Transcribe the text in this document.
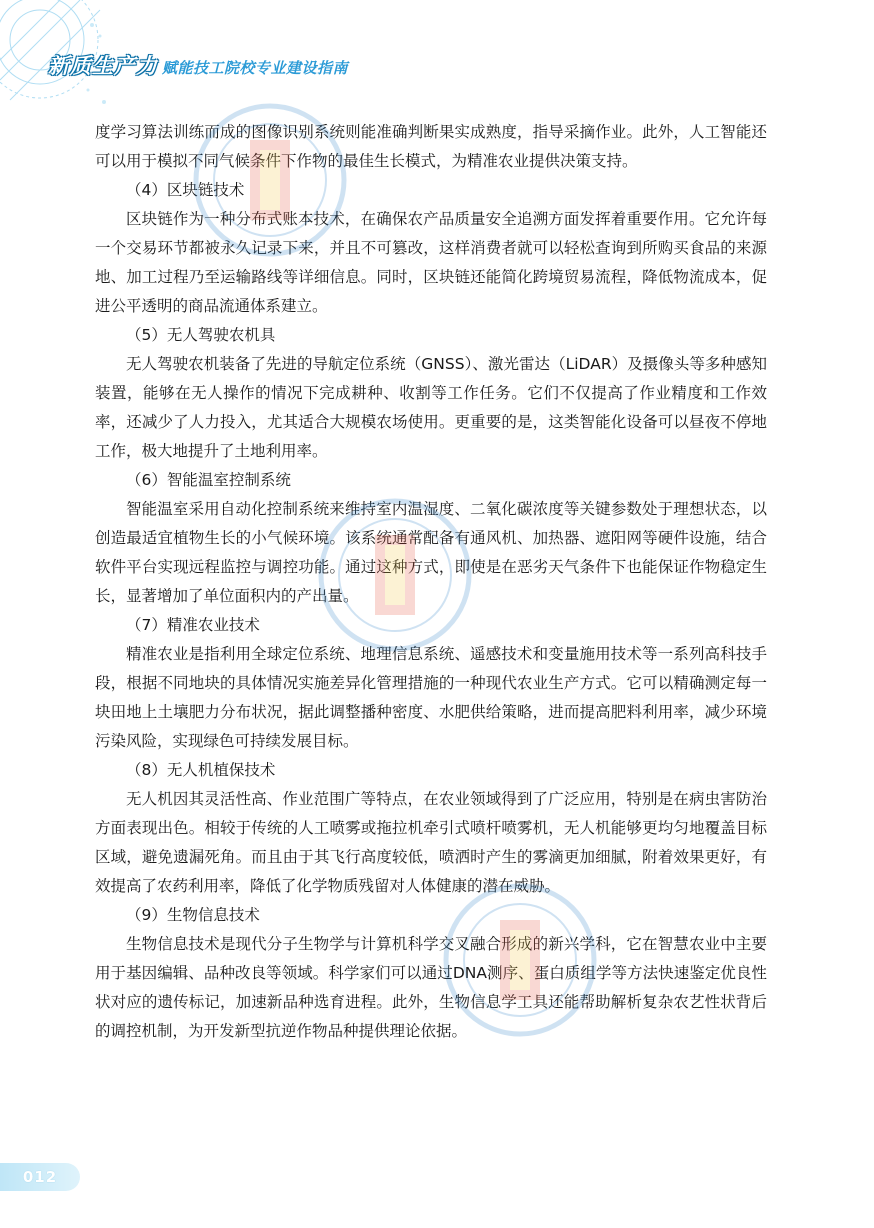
新质生产力 赋能技工院校专业建设指南

度学习算法训练而成的图像识别系统则能准确判断果实成熟度，指导采摘作业。此外，人工智能还可以用于模拟不同气候条件下作物的最佳生长模式，为精准农业提供决策支持。

（4）区块链技术

区块链作为一种分布式账本技术，在确保农产品质量安全追溯方面发挥着重要作用。它允许每一个交易环节都被永久记录下来，并且不可篡改，这样消费者就可以轻松查询到所购买食品的来源地、加工过程乃至运输路线等详细信息。同时，区块链还能简化跨境贸易流程，降低物流成本，促进公平透明的商品流通体系建立。

（5）无人驾驶农机具

无人驾驶农机装备了先进的导航定位系统（GNSS）、激光雷达（LiDAR）及摄像头等多种感知装置，能够在无人操作的情况下完成耕种、收割等工作任务。它们不仅提高了作业精度和工作效率，还减少了人力投入，尤其适合大规模农场使用。更重要的是，这类智能化设备可以昼夜不停地工作，极大地提升了土地利用率。

（6）智能温室控制系统

智能温室采用自动化控制系统来维持室内温湿度、二氧化碳浓度等关键参数处于理想状态，以创造最适宜植物生长的小气候环境。该系统通常配备有通风机、加热器、遮阳网等硬件设施，结合软件平台实现远程监控与调控功能。通过这种方式，即使是在恶劣天气条件下也能保证作物稳定生长，显著增加了单位面积内的产出量。

（7）精准农业技术

精准农业是指利用全球定位系统、地理信息系统、遥感技术和变量施用技术等一系列高科技手段，根据不同地块的具体情况实施差异化管理措施的一种现代农业生产方式。它可以精确测定每一块田地上土壤肥力分布状况，据此调整播种密度、水肥供给策略，进而提高肥料利用率，减少环境污染风险，实现绿色可持续发展目标。

（8）无人机植保技术

无人机因其灵活性高、作业范围广等特点，在农业领域得到了广泛应用，特别是在病虫害防治方面表现出色。相较于传统的人工喷雾或拖拉机牵引式喷杆喷雾机，无人机能够更均匀地覆盖目标区域，避免遗漏死角。而且由于其飞行高度较低，喷洒时产生的雾滴更加细腻，附着效果更好，有效提高了农药利用率，降低了化学物质残留对人体健康的潜在威胁。

（9）生物信息技术

生物信息技术是现代分子生物学与计算机科学交叉融合形成的新兴学科，它在智慧农业中主要用于基因编辑、品种改良等领域。科学家们可以通过DNA测序、蛋白质组学等方法快速鉴定优良性状对应的遗传标记，加速新品种选育进程。此外，生物信息学工具还能帮助解析复杂农艺性状背后的调控机制，为开发新型抗逆作物品种提供理论依据。

012
